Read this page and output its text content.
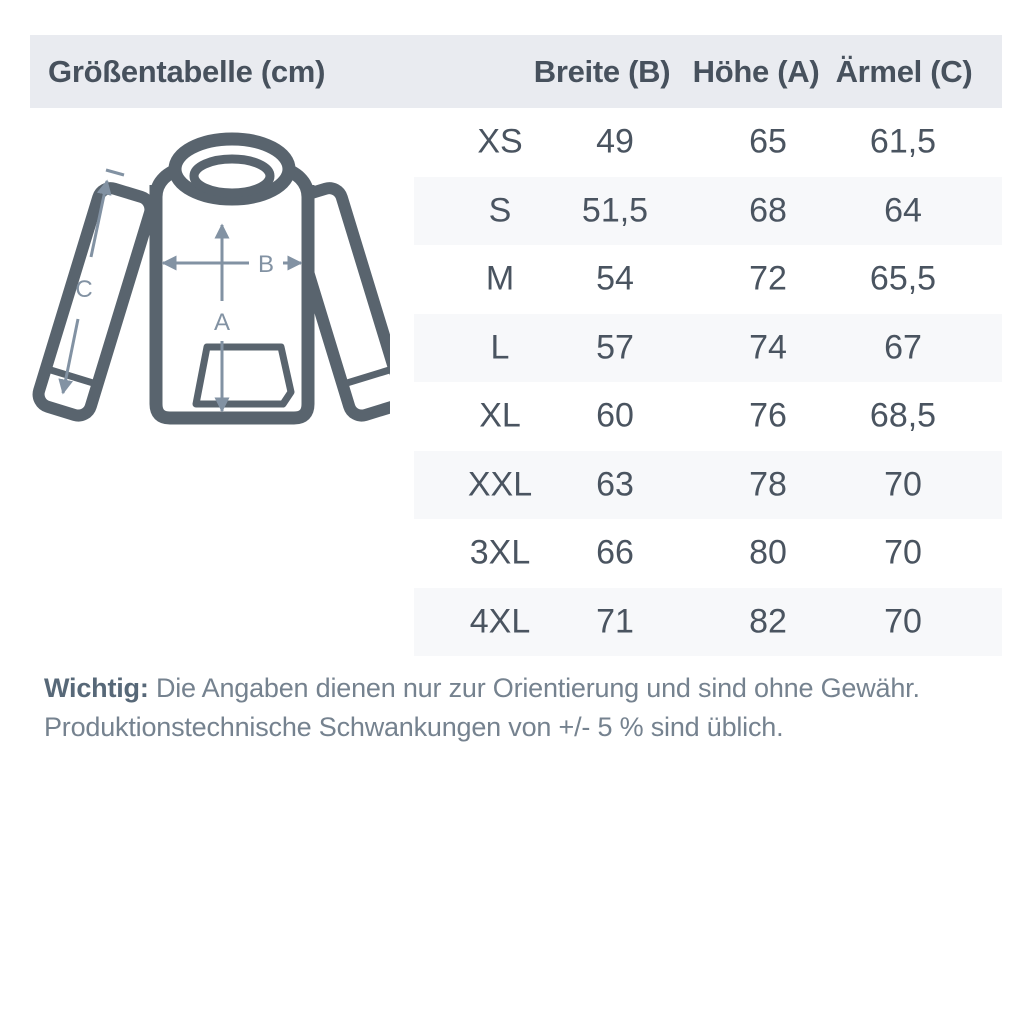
Größentabelle (cm)	Breite (B) Höhe (A) Ärmel (C)
XS 49	65 61,5
S 51,5	68	64
M 54	72 65,5
L	57	74	67
XL 60	76 68,5
XXL 63	78	70
3XL 66	80	70
4XL 71	82	70
A
B
C
Wichtig: Die Angaben dienen nur zur Orientierung und sind ohne Gewähr.
Produktionstechnische Schwankungen von +/- 5 % sind üblich.
